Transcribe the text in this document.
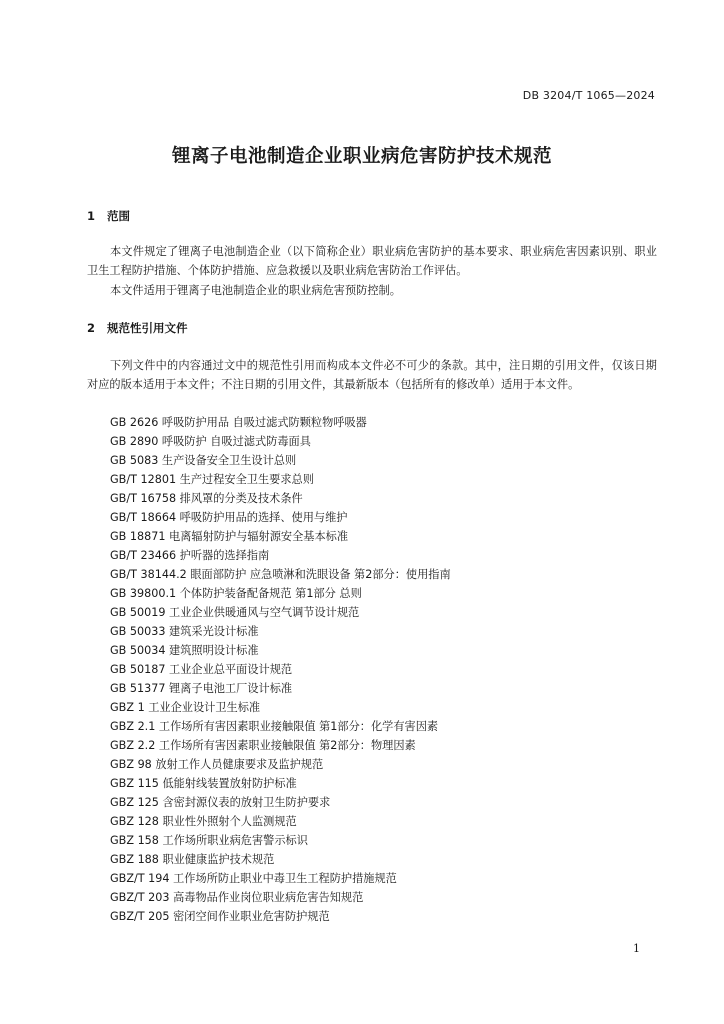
DB 3204/T 1065—2024
锂离子电池制造企业职业病危害防护技术规范
1 范围
本文件规定了锂离子电池制造企业（以下简称企业）职业病危害防护的基本要求、职业病危害因素识别、职业卫生工程防护措施、个体防护措施、应急救援以及职业病危害防治工作评估。
本文件适用于锂离子电池制造企业的职业病危害预防控制。
2 规范性引用文件
下列文件中的内容通过文中的规范性引用而构成本文件必不可少的条款。其中，注日期的引用文件，仅该日期对应的版本适用于本文件；不注日期的引用文件，其最新版本（包括所有的修改单）适用于本文件。
GB 2626 呼吸防护用品 自吸过滤式防颗粒物呼吸器
GB 2890 呼吸防护 自吸过滤式防毒面具
GB 5083 生产设备安全卫生设计总则
GB/T 12801 生产过程安全卫生要求总则
GB/T 16758 排风罩的分类及技术条件
GB/T 18664 呼吸防护用品的选择、使用与维护
GB 18871 电离辐射防护与辐射源安全基本标准
GB/T 23466 护听器的选择指南
GB/T 38144.2 眼面部防护 应急喷淋和洗眼设备 第2部分：使用指南
GB 39800.1 个体防护装备配备规范 第1部分 总则
GB 50019 工业企业供暖通风与空气调节设计规范
GB 50033 建筑采光设计标准
GB 50034 建筑照明设计标准
GB 50187 工业企业总平面设计规范
GB 51377 锂离子电池工厂设计标准
GBZ 1 工业企业设计卫生标准
GBZ 2.1 工作场所有害因素职业接触限值 第1部分：化学有害因素
GBZ 2.2 工作场所有害因素职业接触限值 第2部分：物理因素
GBZ 98 放射工作人员健康要求及监护规范
GBZ 115 低能射线装置放射防护标准
GBZ 125 含密封源仪表的放射卫生防护要求
GBZ 128 职业性外照射个人监测规范
GBZ 158 工作场所职业病危害警示标识
GBZ 188 职业健康监护技术规范
GBZ/T 194 工作场所防止职业中毒卫生工程防护措施规范
GBZ/T 203 高毒物品作业岗位职业病危害告知规范
GBZ/T 205 密闭空间作业职业危害防护规范
1
